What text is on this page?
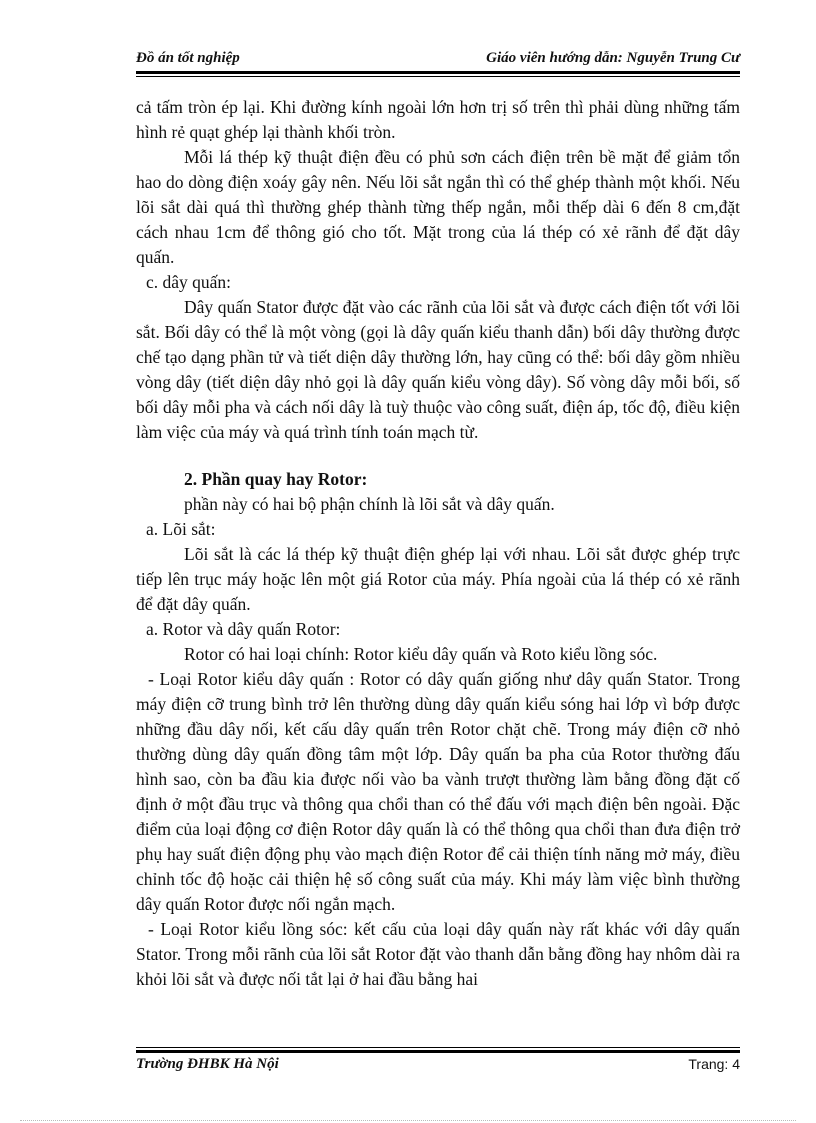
Đồ án tốt nghiệp	Giáo viên hướng dẫn: Nguyễn Trung Cư

cả tấm tròn ép lại. Khi đường kính ngoài lớn hơn trị số trên thì phải dùng những tấm hình rẻ quạt ghép lại thành khối tròn.

Mỗi lá thép kỹ thuật điện đều có phủ sơn cách điện trên bề mặt để giảm tổn hao do dòng điện xoáy gây nên. Nếu lõi sắt ngắn thì có thể ghép thành một khối. Nếu lõi sắt dài quá thì thường ghép thành từng thếp ngắn, mỗi thếp dài 6 đến 8 cm,đặt cách nhau 1cm để thông gió cho tốt. Mặt trong của lá thép có xẻ rãnh để đặt dây quấn.

c. dây quấn:

Dây quấn Stator được đặt vào các rãnh của lõi sắt và được cách điện tốt với lõi sắt. Bối dây có thể là một vòng (gọi là dây quấn kiểu thanh dẫn) bối dây thường được chế tạo dạng phần tử và tiết diện dây thường lớn, hay cũng có thể: bối dây gồm nhiều vòng dây (tiết diện dây nhỏ gọi là dây quấn kiểu vòng dây). Số vòng dây mỗi bối, số bối dây mỗi pha và cách nối dây là tuỳ thuộc vào công suất, điện áp, tốc độ, điều kiện làm việc của máy và quá trình tính toán mạch từ.

2. Phần quay hay Rotor:

phần này có hai bộ phận chính là lõi sắt và dây quấn.

a. Lõi sắt:

Lõi sắt là các lá thép kỹ thuật điện ghép lại với nhau. Lõi sắt được ghép trực tiếp lên trục máy hoặc lên một giá Rotor của máy. Phía ngoài của lá thép có xẻ rãnh để đặt dây quấn.

a. Rotor và dây quấn Rotor:

Rotor có hai loại chính: Rotor kiểu dây quấn và Roto kiểu lồng sóc.

- Loại Rotor kiểu dây quấn : Rotor có dây quấn giống như dây quấn Stator. Trong máy điện cỡ trung bình trở lên thường dùng dây quấn kiểu sóng hai lớp vì bớp được những đầu dây nối, kết cấu dây quấn trên Rotor chặt chẽ. Trong máy điện cỡ nhỏ thường dùng dây quấn đồng tâm một lớp. Dây quấn ba pha của Rotor thường đấu hình sao, còn ba đầu kia được nối vào ba vành trượt thường làm bằng đồng đặt cố định ở một đầu trục và thông qua chổi than có thể đấu với mạch điện bên ngoài. Đặc điểm của loại động cơ điện Rotor dây quấn là có thể thông qua chổi than đưa điện trở phụ hay suất điện động phụ vào mạch điện Rotor để cải thiện tính năng mở máy, điều chỉnh tốc độ hoặc cải thiện hệ số công suất của máy. Khi máy làm việc bình thường dây quấn Rotor được nối ngắn mạch.

- Loại Rotor kiểu lồng sóc: kết cấu của loại dây quấn này rất khác với dây quấn Stator. Trong mỗi rãnh của lõi sắt Rotor đặt vào thanh dẫn bằng đồng hay nhôm dài ra khỏi lõi sắt và được nối tắt lại ở hai đầu bằng hai

Trường ĐHBK Hà Nội	Trang: 4
